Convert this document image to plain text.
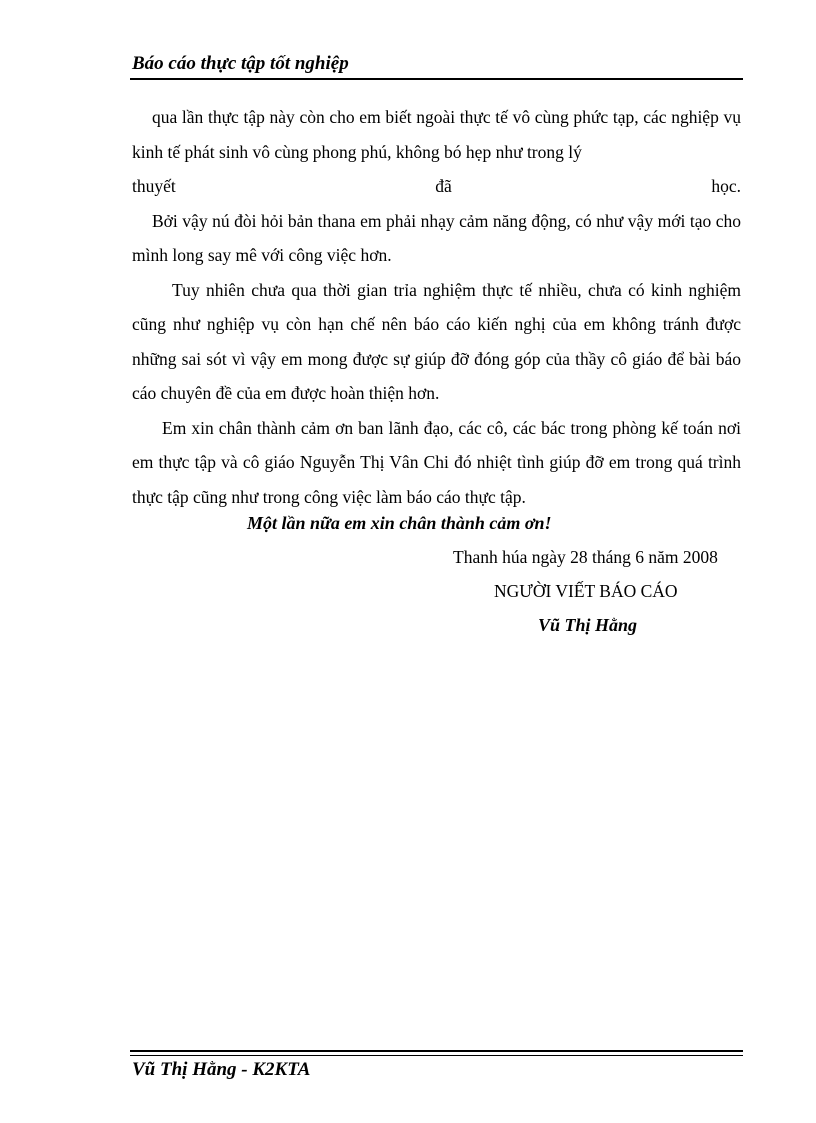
Báo cáo thực tập tốt nghiệp

qua lần thực tập này còn cho em biết ngoài thực tế vô cùng phức tạp, các nghiệp vụ kinh tế phát sinh vô cùng phong phú, không bó hẹp như trong lý

thuyết	đã	học.

Bởi vậy nú đòi hỏi bản thana em phải nhạy cảm năng động, có như vậy mới tạo cho mình long say mê với công việc hơn.

Tuy nhiên chưa qua thời gian trỉa nghiệm thực tế nhiều, chưa có kinh nghiệm cũng như nghiệp vụ còn hạn chế nên báo cáo kiến nghị của em không tránh được những sai sót vì vậy em mong được sự giúp đỡ đóng góp của thầy cô giáo để bài báo cáo chuyên đề của em được hoàn thiện hơn.

Em xin chân thành cảm ơn ban lãnh đạo, các cô, các bác trong phòng kế toán nơi em thực tập và cô giáo Nguyễn Thị Vân Chi đó nhiệt tình giúp đỡ em trong quá trình thực tập cũng như trong công việc làm báo cáo thực tập.

Một lần nữa em xin chân thành cảm ơn!
Thanh húa ngày 28 tháng 6 năm 2008
NGƯỜI VIẾT BÁO CÁO
Vũ Thị Hằng
Vũ Thị Hằng - K2KTA
